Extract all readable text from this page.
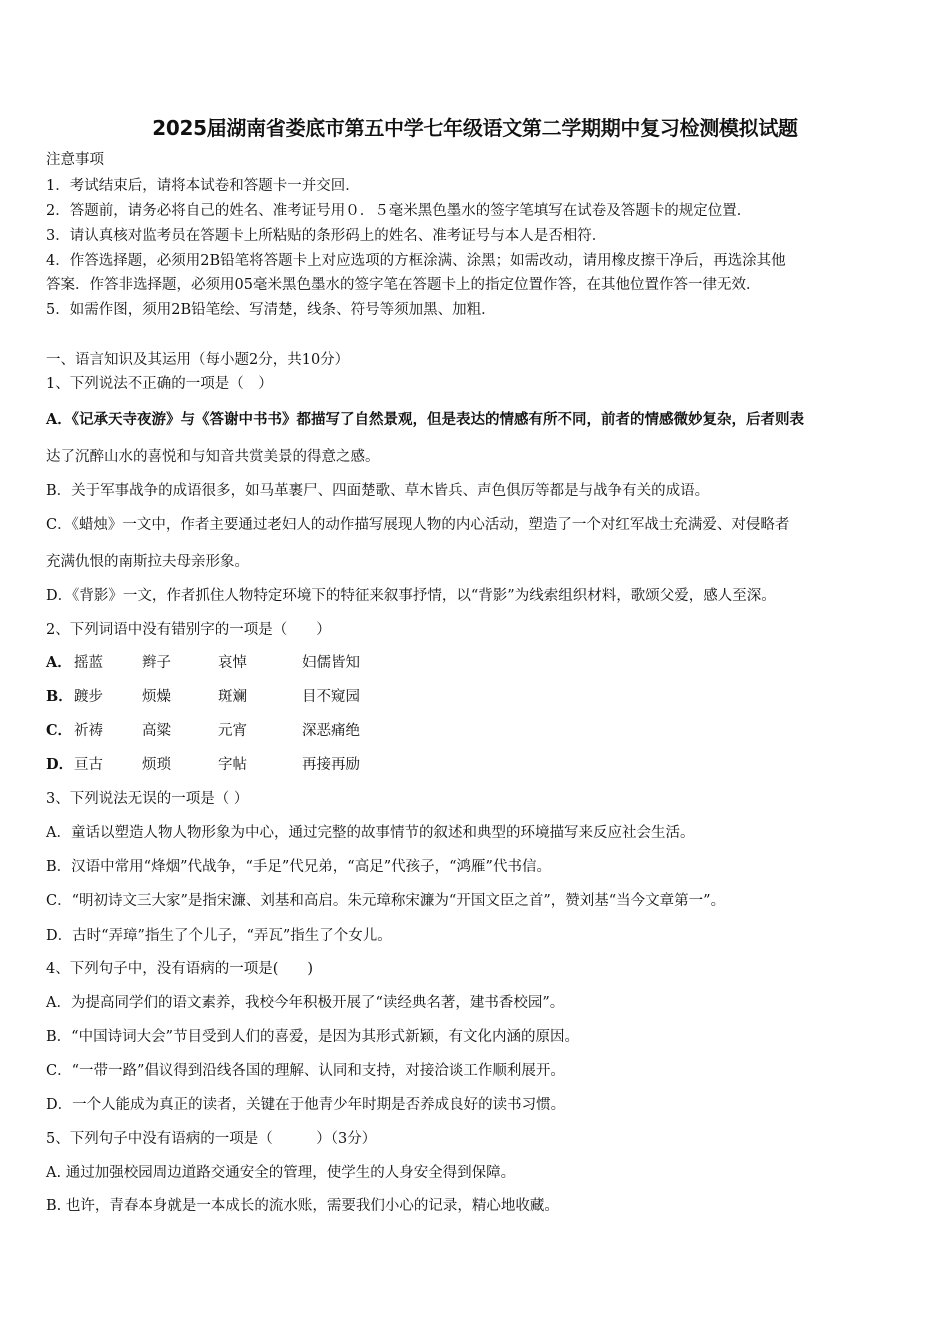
2025届湖南省娄底市第五中学七年级语文第二学期期中复习检测模拟试题
注意事项
1．考试结束后，请将本试卷和答题卡一并交回．
2．答题前，请务必将自己的姓名、准考证号用０．５毫米黑色墨水的签字笔填写在试卷及答题卡的规定位置．
3．请认真核对监考员在答题卡上所粘贴的条形码上的姓名、准考证号与本人是否相符．
4．作答选择题，必须用2B铅笔将答题卡上对应选项的方框涂满、涂黑；如需改动，请用橡皮擦干净后，再选涂其他
答案．作答非选择题，必须用05毫米黑色墨水的签字笔在答题卡上的指定位置作答，在其他位置作答一律无效．
5．如需作图，须用2B铅笔绘、写清楚，线条、符号等须加黑、加粗．
一、语言知识及其运用（每小题2分，共10分）
1、下列说法不正确的一项是（　）
A．《记承天寺夜游》与《答谢中书书》都描写了自然景观，但是表达的情感有所不同，前者的情感微妙复杂，后者则表
达了沉醉山水的喜悦和与知音共赏美景的得意之感。
B．关于军事战争的成语很多，如马革裹尸、四面楚歌、草木皆兵、声色俱厉等都是与战争有关的成语。
C．《蜡烛》一文中，作者主要通过老妇人的动作描写展现人物的内心活动，塑造了一个对红军战士充满爱、对侵略者
充满仇恨的南斯拉夫母亲形象。
D．《背影》一文，作者抓住人物特定环境下的特征来叙事抒情，以“背影”为线索组织材料，歌颂父爱，感人至深。
2、下列词语中没有错别字的一项是（　　）
A． 摇蓝	辫子	哀悼	妇儒皆知
B．踱步	烦燥	斑斓	目不窥园
C． 祈祷	高粱	元宵	深恶痛绝
D．亘古	烦琐	字帖	再接再励
3、下列说法无误的一项是（ ）
A．童话以塑造人物人物形象为中心，通过完整的故事情节的叙述和典型的环境描写来反应社会生活。
B．汉语中常用“烽烟”代战争，“手足”代兄弟，“高足”代孩子，“鸿雁”代书信。
C．“明初诗文三大家”是指宋濂、刘基和高启。朱元璋称宋濂为“开国文臣之首”，赞刘基“当今文章第一”。
D．古时“弄璋”指生了个儿子，“弄瓦”指生了个女儿。
4、下列句子中，没有语病的一项是(　　)
A．为提高同学们的语文素养，我校今年积极开展了“读经典名著，建书香校园”。
B．“中国诗词大会”节目受到人们的喜爱，是因为其形式新颖，有文化内涵的原因。
C．“一带一路”倡议得到沿线各国的理解、认同和支持，对接洽谈工作顺利展开。
D．一个人能成为真正的读者，关键在于他青少年时期是否养成良好的读书习惯。
5、下列句子中没有语病的一项是（　　　）（3分）
A. 通过加强校园周边道路交通安全的管理，使学生的人身安全得到保障。
B. 也许，青春本身就是一本成长的流水账，需要我们小心的记录，精心地收藏。
